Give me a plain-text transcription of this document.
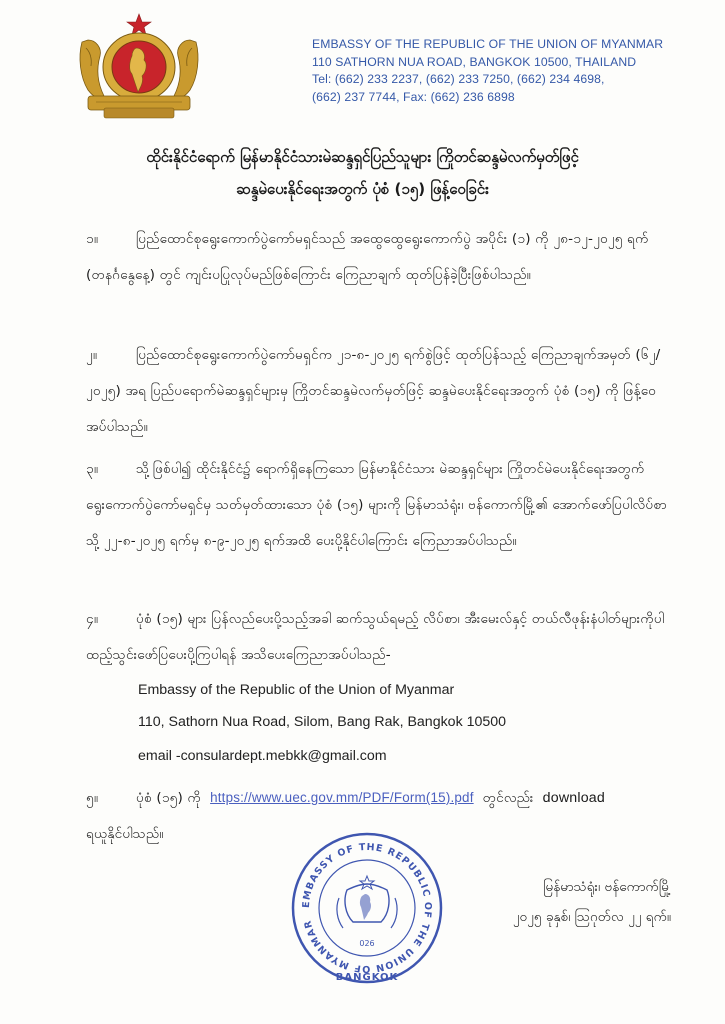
EMBASSY OF THE REPUBLIC OF THE UNION OF MYANMAR
110 SATHORN NUA ROAD, BANGKOK 10500, THAILAND
Tel: (662) 233 2237, (662) 233 7250, (662) 234 4698,
(662) 237 7744, Fax: (662) 236 6898
ထိုင်းနိုင်ငံရောက် မြန်မာနိုင်ငံသားမဲဆန္ဒရှင်ပြည်သူများ ကြိုတင်ဆန္ဒမဲလက်မှတ်ဖြင့်
ဆန္ဒမဲပေးနိုင်ရေးအတွက် ပုံစံ (၁၅) ဖြန့်ဝေခြင်း
၁။	ပြည်ထောင်စုရွေးကောက်ပွဲကော်မရှင်သည် အထွေထွေရွေးကောက်ပွဲ အပိုင်း (၁) ကို ၂၈-၁၂-၂၀၂၅ ရက် (တနင်္ဂနွေနေ့) တွင် ကျင်းပပြုလုပ်မည်ဖြစ်ကြောင်း ကြေညာချက် ထုတ်ပြန်ခဲ့ပြီးဖြစ်ပါသည်။
၂။	ပြည်ထောင်စုရွေးကောက်ပွဲကော်မရှင်က ၂၁-၈-၂၀၂၅ ရက်စွဲဖြင့် ထုတ်ပြန်သည့် ကြေညာချက်အမှတ် (၆၂/ ၂၀၂၅) အရ ပြည်ပရောက်မဲဆန္ဒရှင်များမှ ကြိုတင်ဆန္ဒမဲလက်မှတ်ဖြင့် ဆန္ဒမဲပေးနိုင်ရေးအတွက် ပုံစံ (၁၅) ကို ဖြန့်ဝေအပ်ပါသည်။
၃။	သို့ဖြစ်ပါ၍ ထိုင်းနိုင်ငံ၌ ရောက်ရှိနေကြသော မြန်မာနိုင်ငံသား မဲဆန္ဒရှင်များ ကြိုတင်မဲပေးနိုင်ရေးအတွက် ရွေးကောက်ပွဲကော်မရှင်မှ သတ်မှတ်ထားသော ပုံစံ (၁၅) များကို မြန်မာသံရုံး၊ ဗန်ကောက်မြို့၏ အောက်ဖော်ပြပါလိပ်စာသို့ ၂၂-၈-၂၀၂၅ ရက်မှ ၈-၉-၂၀၂၅ ရက်အထိ ပေးပို့နိုင်ပါကြောင်း ကြေညာအပ်ပါသည်။
၄။	ပုံစံ (၁၅) များ ပြန်လည်ပေးပို့သည့်အခါ ဆက်သွယ်ရမည့် လိပ်စာ၊ အီးမေးလ်နှင့် တယ်လီဖုန်းနံပါတ်များကိုပါ ထည့်သွင်းဖော်ပြပေးပို့ကြပါရန် အသိပေးကြေညာအပ်ပါသည်-
Embassy of the Republic of the Union of Myanmar
110, Sathorn Nua Road, Silom, Bang Rak, Bangkok 10500
email -consulardept.mebkk@gmail.com
၅။	ပုံစံ (၁၅) ကို https://www.uec.gov.mm/PDF/Form(15).pdf တွင်လည်း download
ရယူနိုင်ပါသည်။
EMBASSY OF THE REPUBLIC OF THE UNION OF MYANMAR
026
BANGKOK
မြန်မာသံရုံး၊ ဗန်ကောက်မြို့
၂၀၂၅ ခုနှစ်၊ ဩဂုတ်လ ၂၂ ရက်။
